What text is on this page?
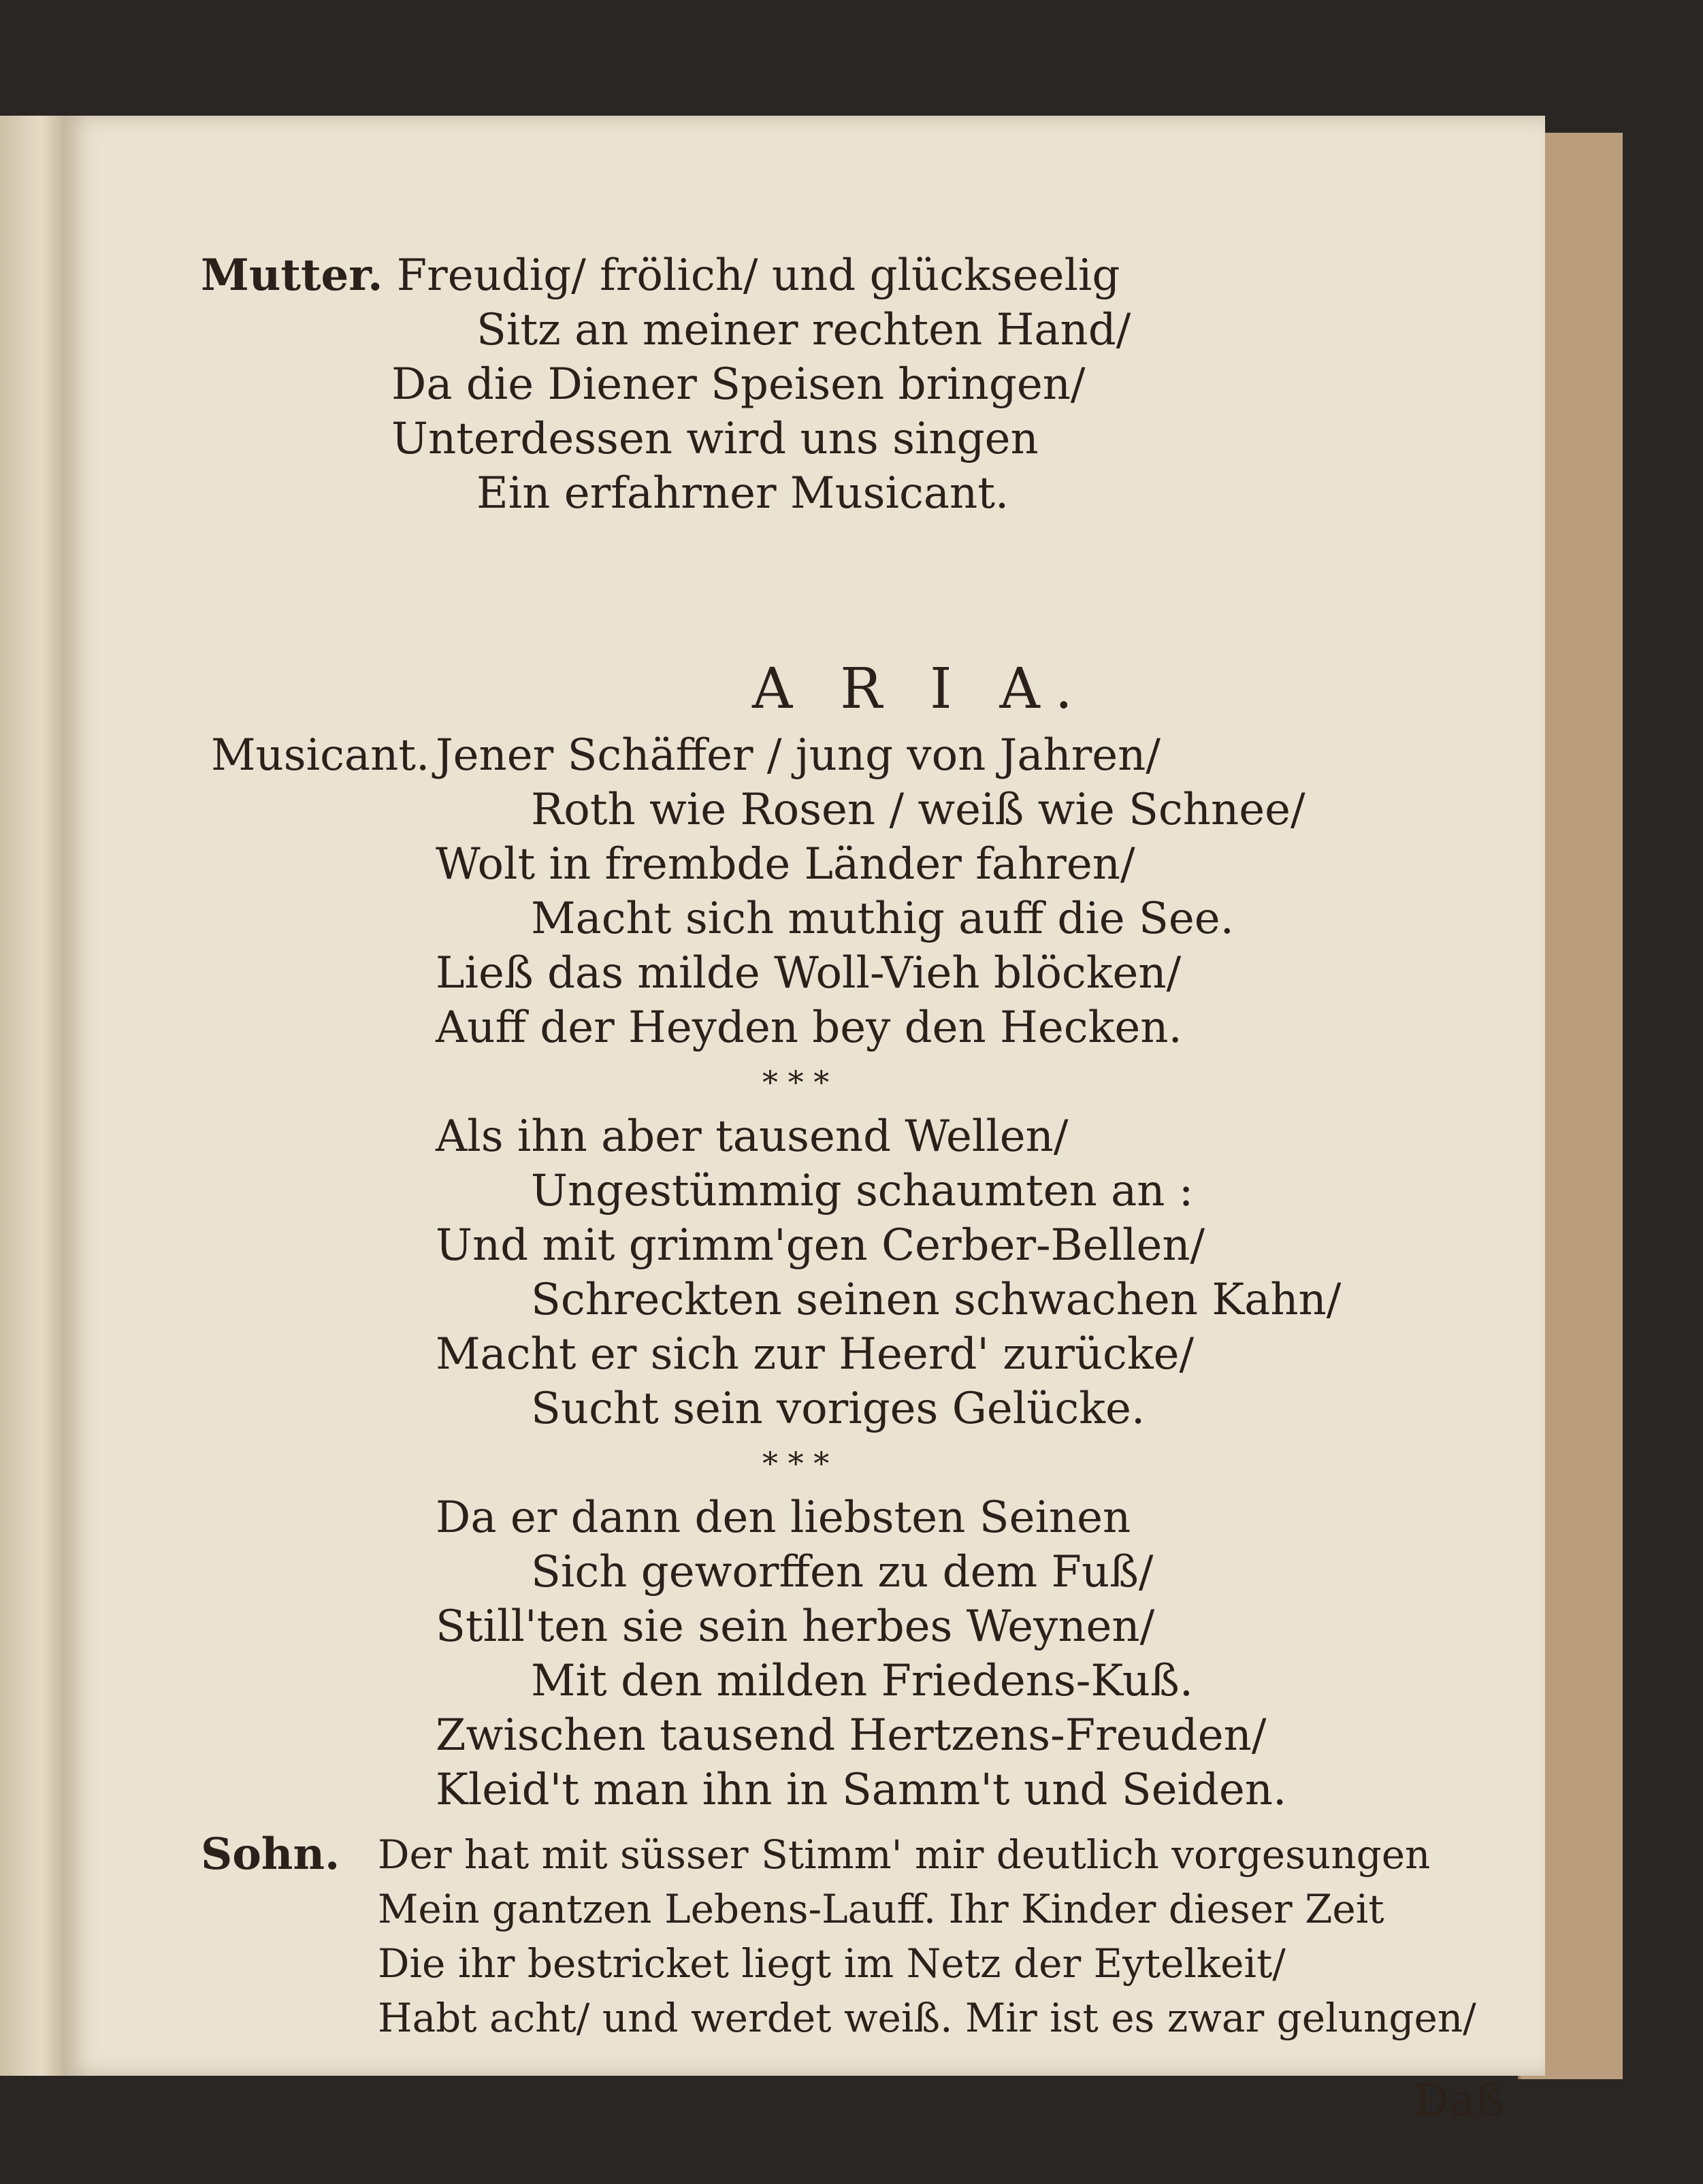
Mutter. Freudig/ frölich/ und glückseelig
Sitz an meiner rechten Hand/
Da die Diener Speisen bringen/
Unterdessen wird uns singen
Ein erfahrner Musicant.
A R I A.
Musicant. Jener Schäffer / jung von Jahren/
Roth wie Rosen / weiß wie Schnee/
Wolt in frembde Länder fahren/
Macht sich muthig auff die See.
Ließ das milde Woll-Vieh blöcken/
Auff der Heyden bey den Hecken.
* * *
Als ihn aber tausend Wellen/
Ungestümmig schaumten an :
Und mit grimm'gen Cerber-Bellen/
Schreckten seinen schwachen Kahn/
Macht er sich zur Heerd' zurücke/
Sucht sein voriges Gelücke.
* * *
Da er dann den liebsten Seinen
Sich geworffen zu dem Fuß/
Still'ten sie sein herbes Weynen/
Mit den milden Friedens-Kuß.
Zwischen tausend Hertzens-Freuden/
Kleid't man ihn in Samm't und Seiden.
Sohn. Der hat mit süsser Stimm' mir deutlich vorgesungen
Mein gantzen Lebens-Lauff. Ihr Kinder dieser Zeit
Die ihr bestricket liegt im Netz der Eytelkeit/
Habt acht/ und werdet weiß. Mir ist es zwar gelungen/
Daß
